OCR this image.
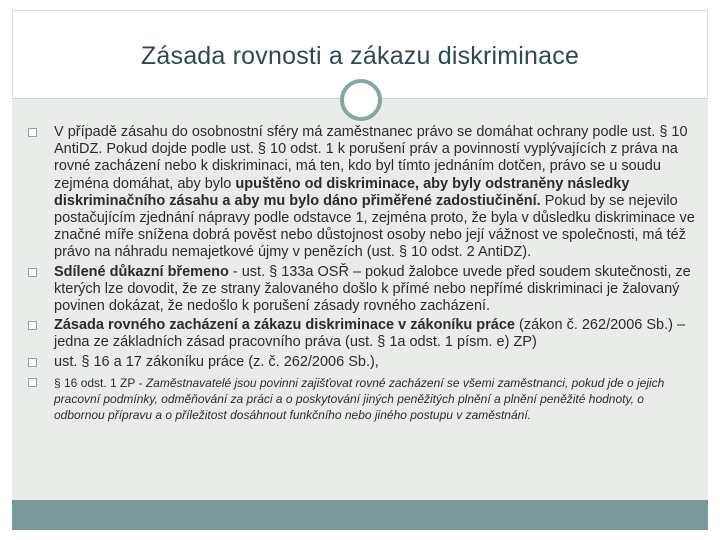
Zásada rovnosti a zákazu diskriminace
V případě zásahu do osobnostní sféry má zaměstnanec právo se domáhat ochrany podle ust. § 10 AntiDZ. Pokud dojde podle ust. § 10 odst. 1 k porušení práv a povinností vyplývajících z práva na rovné zacházení nebo k diskriminaci, má ten, kdo byl tímto jednáním dotčen, právo se u soudu zejména domáhat, aby bylo upuštěno od diskriminace, aby byly odstraněny následky diskriminačního zásahu a aby mu bylo dáno přiměřené zadostiučinění. Pokud by se nejevilo postačujícím zjednání nápravy podle odstavce 1, zejména proto, že byla v důsledku diskriminace ve značné míře snížena dobrá pověst nebo důstojnost osoby nebo její vážnost ve společnosti, má též právo na náhradu nemajetkové újmy v penězích (ust. § 10 odst. 2 AntiDZ).
Sdílené důkazní břemeno - ust. § 133a OSŘ – pokud žalobce uvede před soudem skutečnosti, ze kterých lze dovodit, že ze strany žalovaného došlo k přímé nebo nepřímé diskriminaci je žalovaný povinen dokázat, že nedošlo k porušení zásady rovného zacházení.
Zásada rovného zacházení a zákazu diskriminace v zákoníku práce (zákon č. 262/2006 Sb.) – jedna ze základních zásad pracovního práva (ust. § 1a odst. 1 písm. e) ZP)
ust. § 16 a 17 zákoníku práce (z. č. 262/2006 Sb.),
§ 16 odst. 1 ZP - Zaměstnavatelé jsou povinni zajišťovat rovné zacházení se všemi zaměstnanci, pokud jde o jejich pracovní podmínky, odměňování za práci a o poskytování jiných peněžitých plnění a plnění peněžité hodnoty, o odbornou přípravu a o příležitost dosáhnout funkčního nebo jiného postupu v zaměstnání.
